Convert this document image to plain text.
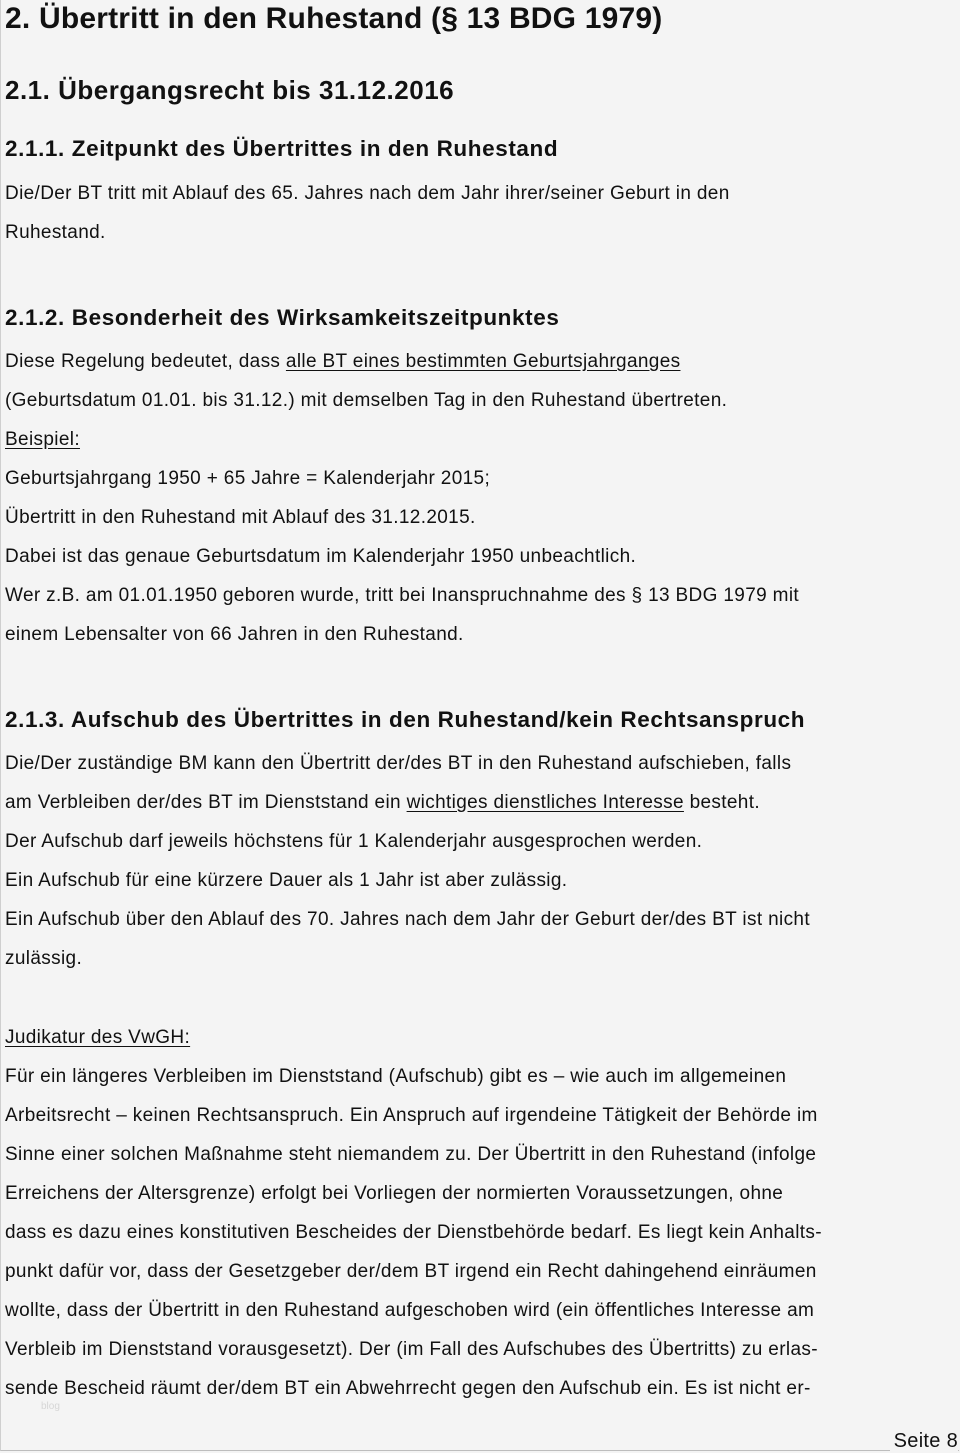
2. Übertritt in den Ruhestand (§ 13 BDG 1979)
2.1. Übergangsrecht bis 31.12.2016
2.1.1. Zeitpunkt des Übertrittes in den Ruhestand
Die/Der BT tritt mit Ablauf des 65. Jahres nach dem Jahr ihrer/seiner Geburt in den
Ruhestand.
2.1.2. Besonderheit des Wirksamkeitszeitpunktes
Diese Regelung bedeutet, dass alle BT eines bestimmten Geburtsjahrganges
(Geburtsdatum 01.01. bis 31.12.) mit demselben Tag in den Ruhestand übertreten.
Beispiel:
Geburtsjahrgang 1950 + 65 Jahre = Kalenderjahr 2015;
Übertritt in den Ruhestand mit Ablauf des 31.12.2015.
Dabei ist das genaue Geburtsdatum im Kalenderjahr 1950 unbeachtlich.
Wer z.B. am 01.01.1950 geboren wurde, tritt bei Inanspruchnahme des § 13 BDG 1979 mit
einem Lebensalter von 66 Jahren in den Ruhestand.
2.1.3. Aufschub des Übertrittes in den Ruhestand/kein Rechtsanspruch
Die/Der zuständige BM kann den Übertritt der/des BT in den Ruhestand aufschieben, falls
am Verbleiben der/des BT im Dienststand ein wichtiges dienstliches Interesse besteht.
Der Aufschub darf jeweils höchstens für 1 Kalenderjahr ausgesprochen werden.
Ein Aufschub für eine kürzere Dauer als 1 Jahr ist aber zulässig.
Ein Aufschub über den Ablauf des 70. Jahres nach dem Jahr der Geburt der/des BT ist nicht
zulässig.
Judikatur des VwGH:
Für ein längeres Verbleiben im Dienststand (Aufschub) gibt es – wie auch im allgemeinen
Arbeitsrecht – keinen Rechtsanspruch. Ein Anspruch auf irgendeine Tätigkeit der Behörde im
Sinne einer solchen Maßnahme steht niemandem zu. Der Übertritt in den Ruhestand (infolge
Erreichens der Altersgrenze) erfolgt bei Vorliegen der normierten Voraussetzungen, ohne
dass es dazu eines konstitutiven Bescheides der Dienstbehörde bedarf. Es liegt kein Anhalts-
punkt dafür vor, dass der Gesetzgeber der/dem BT irgend ein Recht dahingehend einräumen
wollte, dass der Übertritt in den Ruhestand aufgeschoben wird (ein öffentliches Interesse am
Verbleib im Dienststand vorausgesetzt). Der (im Fall des Aufschubes des Übertritts) zu erlas-
sende Bescheid räumt der/dem BT ein Abwehrrecht gegen den Aufschub ein. Es ist nicht er-
blog
Seite 8
